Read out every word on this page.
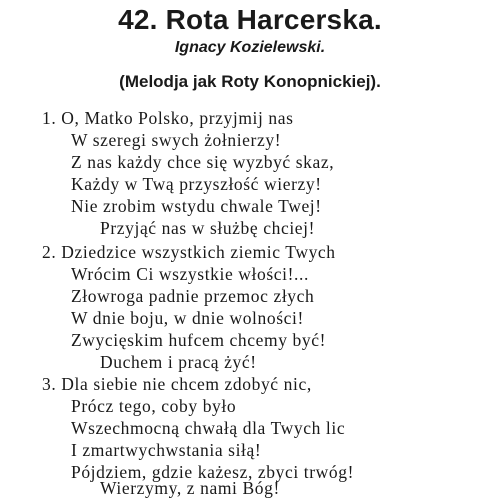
42. Rota Harcerska.
Ignacy Kozielewski.
(Melodja jak Roty Konopnickiej).
1. O, Matko Polsko, przyjmij nas
W szeregi swych żołnierzy!
Z nas każdy chce się wyzbyć skaz,
Każdy w Twą przyszłość wierzy!
Nie zrobim wstydu chwale Twej!
Przyjąć nas w służbę chciej!
2. Dziedzice wszystkich ziemic Twych
Wrócim Ci wszystkie włości!...
Złowroga padnie przemoc złych
W dnie boju, w dnie wolności!
Zwycięskim hufcem chcemy być!
Duchem i pracą żyć!
3. Dla siebie nie chcem zdobyć nic,
Prócz tego, coby było
Wszechmocną chwałą dla Twych lic
I zmartwychwstania siłą!
Pójdziem, gdzie każesz, zbyci trwóg!
Wierzymy, z nami Bóg!
